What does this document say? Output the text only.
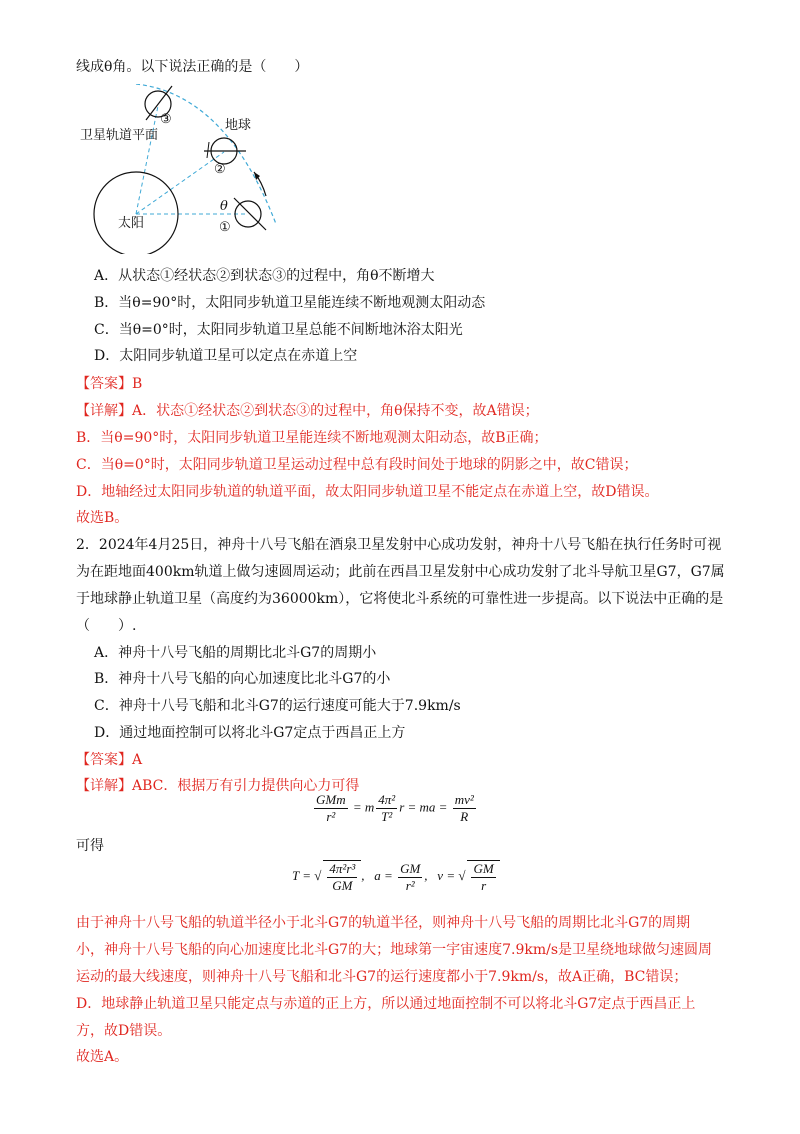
线成θ角。以下说法正确的是（　　）
卫星轨道平面
地球
太阳
θ
③
②
①
A．从状态①经状态②到状态③的过程中，角θ不断增大
B．当θ=90°时，太阳同步轨道卫星能连续不断地观测太阳动态
C．当θ=0°时，太阳同步轨道卫星总能不间断地沐浴太阳光
D．太阳同步轨道卫星可以定点在赤道上空
【答案】B
【详解】A．状态①经状态②到状态③的过程中，角θ保持不变，故A错误；
B．当θ=90°时，太阳同步轨道卫星能连续不断地观测太阳动态，故B正确；
C．当θ=0°时，太阳同步轨道卫星运动过程中总有段时间处于地球的阴影之中，故C错误；
D．地轴经过太阳同步轨道的轨道平面，故太阳同步轨道卫星不能定点在赤道上空，故D错误。
故选B。
2．2024年4月25日，神舟十八号飞船在酒泉卫星发射中心成功发射，神舟十八号飞船在执行任务时可视
为在距地面400km轨道上做匀速圆周运动；此前在西昌卫星发射中心成功发射了北斗导航卫星G7，G7属
于地球静止轨道卫星（高度约为36000km），它将使北斗系统的可靠性进一步提高。以下说法中正确的是
（　　）.
A．神舟十八号飞船的周期比北斗G7的周期小
B．神舟十八号飞船的向心加速度比北斗G7的小
C．神舟十八号飞船和北斗G7的运行速度可能大于7.9km/s
D．通过地面控制可以将北斗G7定点于西昌正上方
【答案】A
【详解】ABC．根据万有引力提供向心力可得
$\frac{\text{GMm}}{\text{r²}} = m \frac{\text{4π²}}{\text{T²}}$ r = ma = $\frac{\text{mv²}}{R}$
可得
T = √ $\frac{\text{4π²r³}}{GM}$ ,   $a = \frac{GM}{\text{r²}}$ ,   v = √ $\frac{GM}{r}$
由于神舟十八号飞船的轨道半径小于北斗G7的轨道半径，则神舟十八号飞船的周期比北斗G7的周期
小，神舟十八号飞船的向心加速度比北斗G7的大；地球第一宇宙速度7.9km/s是卫星绕地球做匀速圆周
运动的最大线速度，则神舟十八号飞船和北斗G7的运行速度都小于7.9km/s，故A正确，BC错误；
D．地球静止轨道卫星只能定点与赤道的正上方，所以通过地面控制不可以将北斗G7定点于西昌正上
方，故D错误。
故选A。
